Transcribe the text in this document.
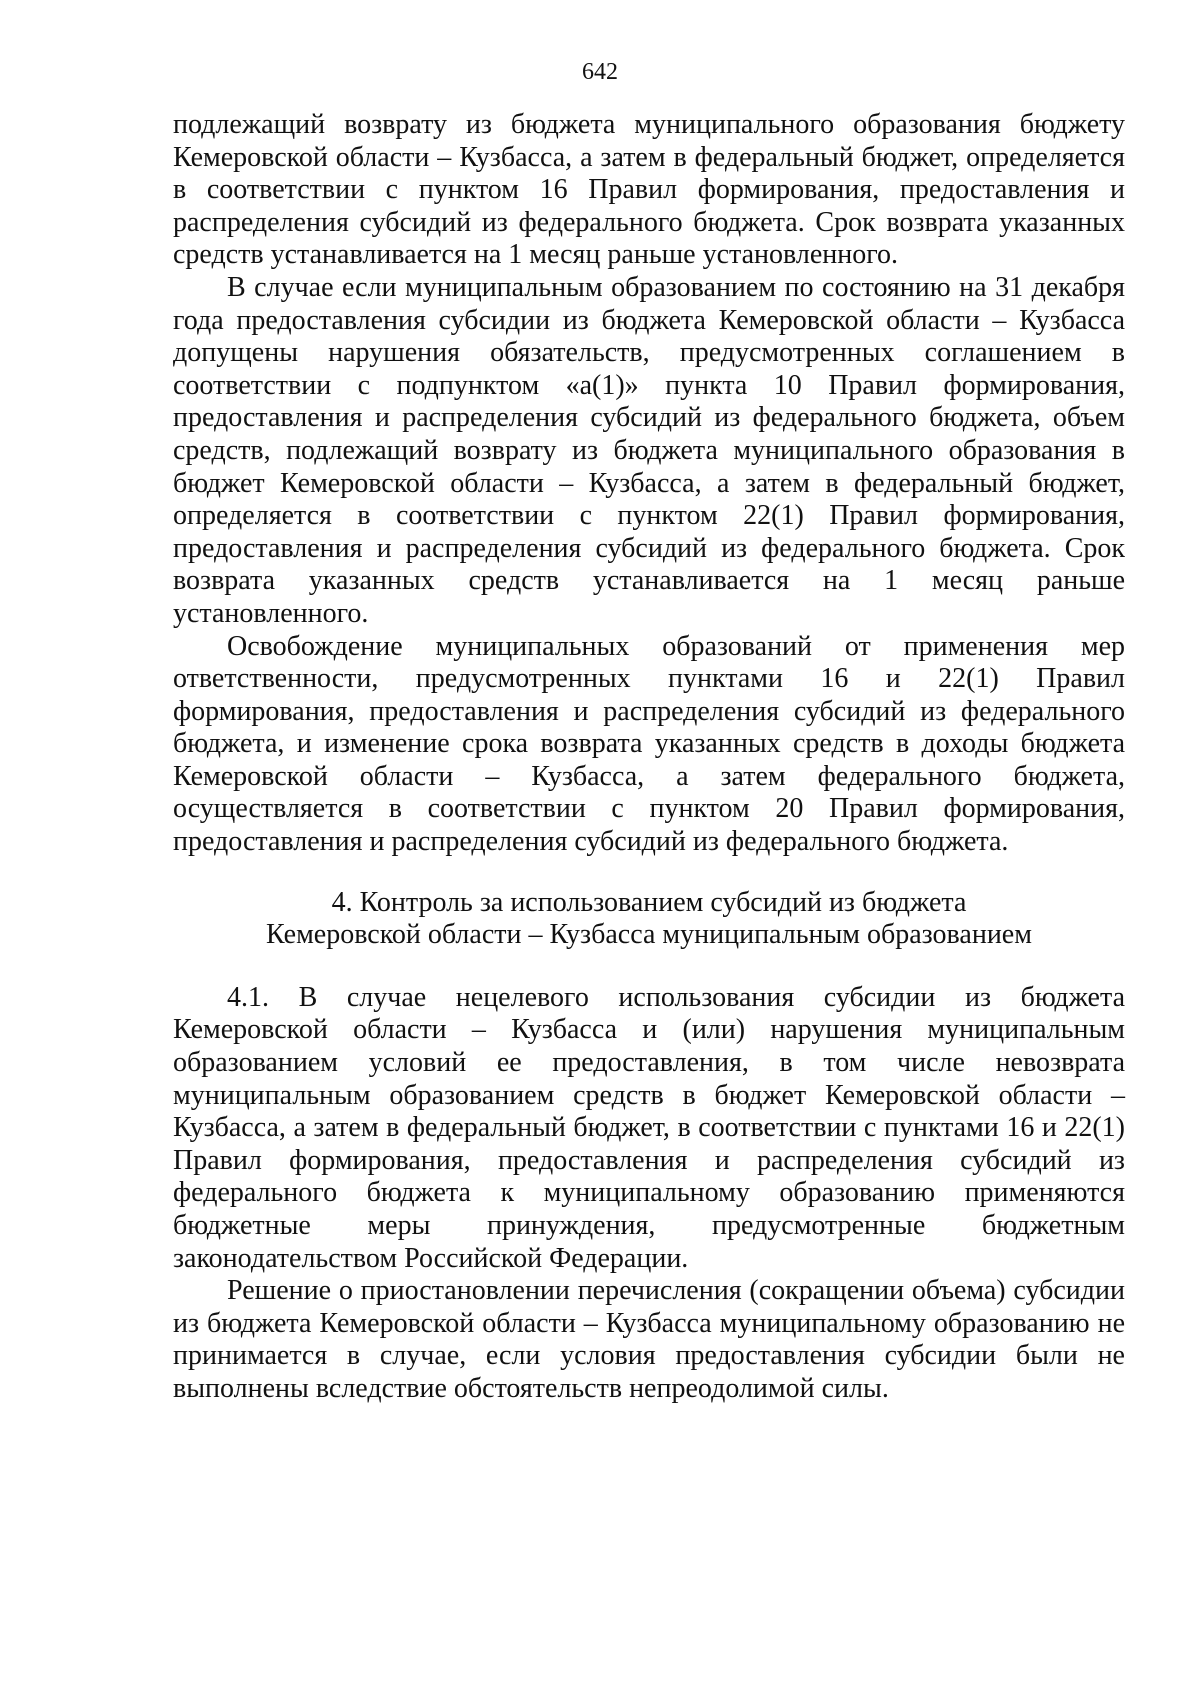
642

подлежащий возврату из бюджета муниципального образования бюджету Кемеровской области – Кузбасса, а затем в федеральный бюджет, определяется в соответствии с пунктом 16 Правил формирования, предоставления и распределения субсидий из федерального бюджета. Срок возврата указанных средств устанавливается на 1 месяц раньше установленного.

В случае если муниципальным образованием по состоянию на 31 декабря года предоставления субсидии из бюджета Кемеровской области – Кузбасса допущены нарушения обязательств, предусмотренных соглашением в соответствии с подпунктом «а(1)» пункта 10 Правил формирования, предоставления и распределения субсидий из федерального бюджета, объем средств, подлежащий возврату из бюджета муниципального образования в бюджет Кемеровской области – Кузбасса, а затем в федеральный бюджет, определяется в соответствии с пунктом 22(1) Правил формирования, предоставления и распределения субсидий из федерального бюджета. Срок возврата указанных средств устанавливается на 1 месяц раньше установленного.

Освобождение муниципальных образований от применения мер ответственности, предусмотренных пунктами 16 и 22(1) Правил формирования, предоставления и распределения субсидий из федерального бюджета, и изменение срока возврата указанных средств в доходы бюджета Кемеровской области – Кузбасса, а затем федерального бюджета, осуществляется в соответствии с пунктом 20 Правил формирования, предоставления и распределения субсидий из федерального бюджета.

4. Контроль за использованием субсидий из бюджета
Кемеровской области – Кузбасса муниципальным образованием

4.1. В случае нецелевого использования субсидии из бюджета Кемеровской области – Кузбасса и (или) нарушения муниципальным образованием условий ее предоставления, в том числе невозврата муниципальным образованием средств в бюджет Кемеровской области – Кузбасса, а затем в федеральный бюджет, в соответствии с пунктами 16 и 22(1) Правил формирования, предоставления и распределения субсидий из федерального бюджета к муниципальному образованию применяются бюджетные меры принуждения, предусмотренные бюджетным законодательством Российской Федерации.

Решение о приостановлении перечисления (сокращении объема) субсидии из бюджета Кемеровской области – Кузбасса муниципальному образованию не принимается в случае, если условия предоставления субсидии были не выполнены вследствие обстоятельств непреодолимой силы.
